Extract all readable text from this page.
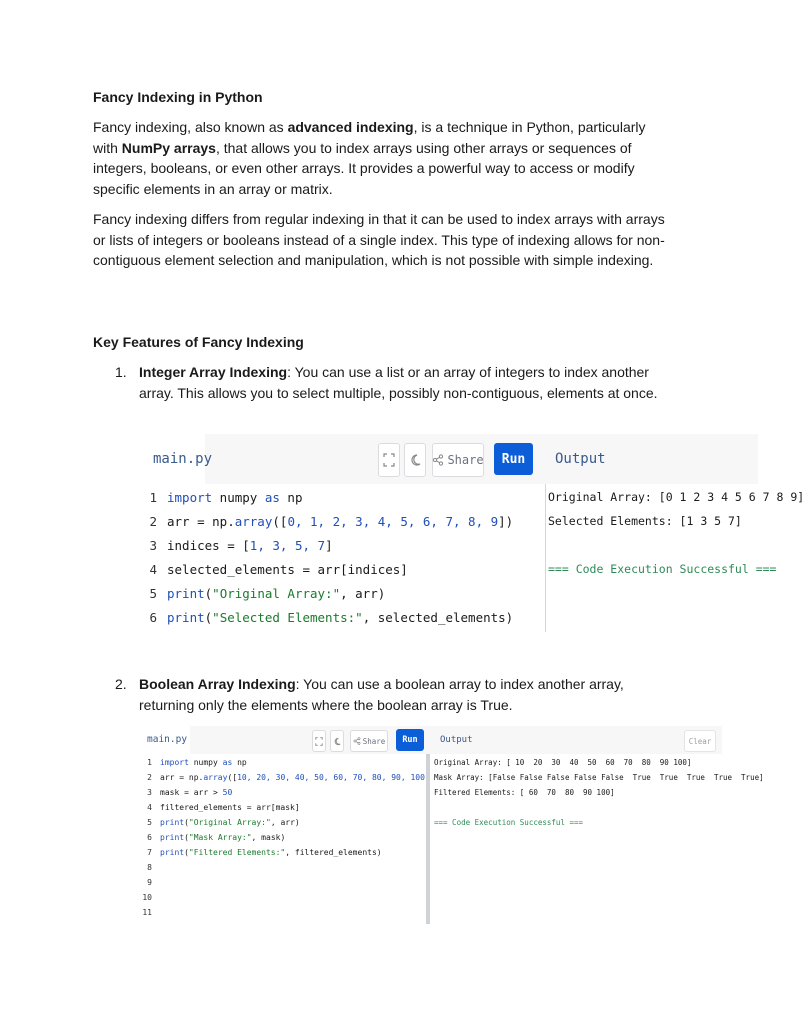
Fancy Indexing in Python
Fancy indexing, also known as advanced indexing, is a technique in Python, particularly with NumPy arrays, that allows you to index arrays using other arrays or sequences of integers, booleans, or even other arrays. It provides a powerful way to access or modify specific elements in an array or matrix.
Fancy indexing differs from regular indexing in that it can be used to index arrays with arrays or lists of integers or booleans instead of a single index. This type of indexing allows for non-contiguous element selection and manipulation, which is not possible with simple indexing.
Key Features of Fancy Indexing
1. Integer Array Indexing: You can use a list or an array of integers to index another array. This allows you to select multiple, possibly non-contiguous, elements at once.
main.py	Share	Run	Output
1 import numpy as np
2 arr = np.array([0, 1, 2, 3, 4, 5, 6, 7, 8, 9])
3 indices = [1, 3, 5, 7]
4 selected_elements = arr[indices]
5 print("Original Array:", arr)
6 print("Selected Elements:", selected_elements)
Original Array: [0 1 2 3 4 5 6 7 8 9]
Selected Elements: [1 3 5 7]
=== Code Execution Successful ===
2. Boolean Array Indexing: You can use a boolean array to index another array, returning only the elements where the boolean array is True.
main.py	Share	Run	Output	Clear
1 import numpy as np
2 arr = np.array([10, 20, 30, 40, 50, 60, 70, 80, 90, 100
3 mask = arr > 50
4 filtered_elements = arr[mask]
5 print("Original Array:", arr)
6 print("Mask Array:", mask)
7 print("Filtered Elements:", filtered_elements)
8
9
10
11
Original Array: [ 10  20  30  40  50  60  70  80  90 100]
Mask Array: [False False False False False  True  True  True  True  True]
Filtered Elements: [ 60  70  80  90 100]
=== Code Execution Successful ===
